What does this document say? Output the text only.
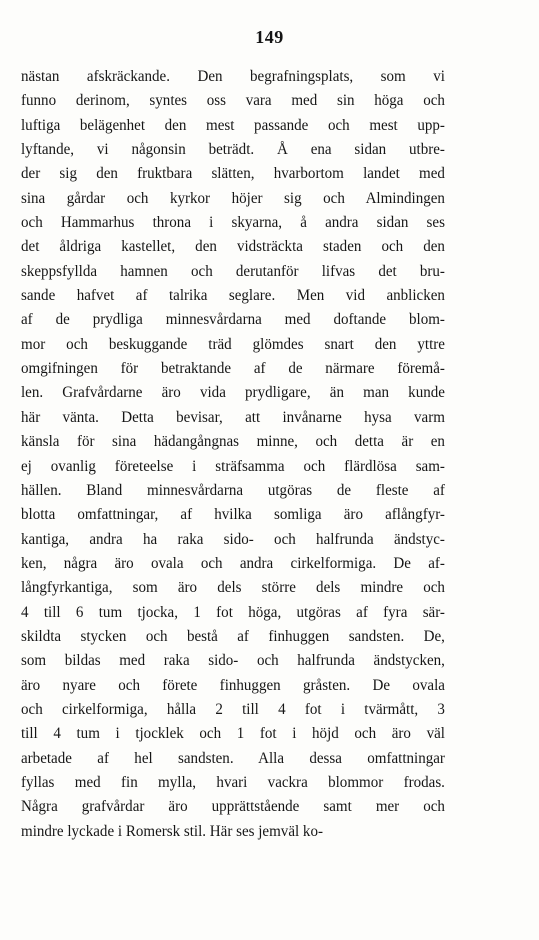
149
nästan afskräckande. Den begrafningsplats, som vi
funno derinom, syntes oss vara med sin höga och
luftiga belägenhet den mest passande och mest upp-
lyftande, vi någonsin beträdt. Å ena sidan utbre-
der sig den fruktbara slätten, hvarbortom landet med
sina gårdar och kyrkor höjer sig och Almindingen
och Hammarhus throna i skyarna, å andra sidan ses
det åldriga kastellet, den vidsträckta staden och den
skeppsfyllda hamnen och derutanför lifvas det bru-
sande hafvet af talrika seglare. Men vid anblicken
af de prydliga minnesvårdarna med doftande blom-
mor och beskuggande träd glömdes snart den yttre
omgifningen för betraktande af de närmare föremå-
len. Grafvårdarne äro vida prydligare, än man kunde
här vänta. Detta bevisar, att invånarne hysa varm
känsla för sina hädangångnas minne, och detta är en
ej ovanlig företeelse i sträfsamma och flärdlösa sam-
hällen. Bland minnesvårdarna utgöras de fleste af
blotta omfattningar, af hvilka somliga äro aflångfyr-
kantiga, andra ha raka sido- och halfrunda ändstyc-
ken, några äro ovala och andra cirkelformiga. De af-
långfyrkantiga, som äro dels större dels mindre och
4 till 6 tum tjocka, 1 fot höga, utgöras af fyra sär-
skildta stycken och bestå af finhuggen sandsten. De,
som bildas med raka sido- och halfrunda ändstycken,
äro nyare och förete finhuggen gråsten. De ovala
och cirkelformiga, hålla 2 till 4 fot i tvärmått, 3
till 4 tum i tjocklek och 1 fot i höjd och äro väl
arbetade af hel sandsten. Alla dessa omfattningar
fyllas med fin mylla, hvari vackra blommor frodas.
Några grafvårdar äro upprättstående samt mer och
mindre lyckade i Romersk stil. Här ses jemväl ko-
